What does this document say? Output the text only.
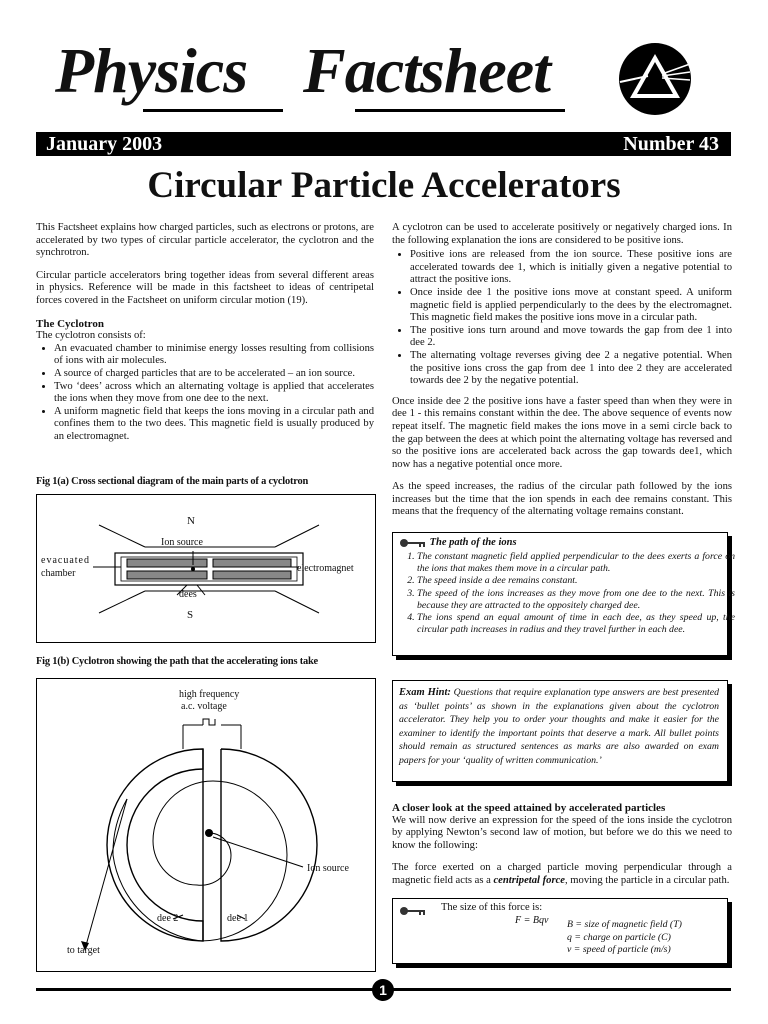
Physics Factsheet
January 2003	Number 43
Circular Particle Accelerators

This Factsheet explains how charged particles, such as electrons or protons, are accelerated by two types of circular particle accelerator, the cyclotron and the synchrotron.

Circular particle accelerators bring together ideas from several different areas in physics. Reference will be made in this factsheet to ideas of centripetal forces covered in the Factsheet on uniform circular motion (19).

The Cyclotron
The cyclotron consists of:
• An evacuated chamber to minimise energy losses resulting from collisions of ions with air molecules.
• A source of charged particles that are to be accelerated – an ion source.
• Two ‘dees’ across which an alternating voltage is applied that accelerates the ions when they move from one dee to the next.
• A uniform magnetic field that keeps the ions moving in a circular path and confines them to the two dees. This magnetic field is usually produced by an electromagnet.
Fig 1(a) Cross sectional diagram of the main parts of a cyclotron
N
Ion source
evacuated
chamber	electromagnet
dees
S
Fig 1(b) Cyclotron showing the path that the accelerating ions take
high frequency
a.c. voltage
Ion source
dee 2	dee 1
to target

A cyclotron can be used to accelerate positively or negatively charged ions. In the following explanation the ions are considered to be positive ions.

• Positive ions are released from the ion source. These positive ions are accelerated towards dee 1, which is initially given a negative potential to attract the positive ions.
• Once inside dee 1 the positive ions move at constant speed. A uniform magnetic field is applied perpendicularly to the dees by the electromagnet. This magnetic field makes the positive ions move in a circular path.
• The positive ions turn around and move towards the gap from dee 1 into dee 2.
• The alternating voltage reverses giving dee 2 a negative potential. When the positive ions cross the gap from dee 1 into dee 2 they are accelerated towards dee 2 by the negative potential.

Once inside dee 2 the positive ions have a faster speed than when they were in dee 1 - this remains constant within the dee. The above sequence of events now repeat itself. The magnetic field makes the ions move in a semi circle back to the gap between the dees at which point the alternating voltage has reversed and so the positive ions are accelerated back across the gap towards dee1, which now has a negative potential once more.

As the speed increases, the radius of the circular path followed by the ions increases but the time that the ion spends in each dee remains constant. This means that the frequency of the alternating voltage remains constant.

The path of the ions
1. The constant magnetic field applied perpendicular to the dees exerts a force on the ions that makes them move in a circular path.
2. The speed inside a dee remains constant.
3. The speed of the ions increases as they move from one dee to the next. This is because they are attracted to the oppositely charged dee.
4. The ions spend an equal amount of time in each dee, as they speed up, the circular path increases in radius and they travel further in each dee.
Exam Hint: Questions that require explanation type answers are best presented as ‘bullet points’ as shown in the explanations given about the cyclotron accelerator. They help you to order your thoughts and make it easier for the examiner to identify the important points that deserve a mark. All bullet points should remain as structured sentences as marks are also awarded on exam papers for your ‘quality of written communication.’
A closer look at the speed attained by accelerated particles

We will now derive an expression for the speed of the ions inside the cyclotron by applying Newton’s second law of motion, but before we do this we need to know the following:

The force exerted on a charged particle moving perpendicular through a magnetic field acts as a centripetal force, moving the particle in a circular path.

The size of this force is:
F = Bqv B = size of magnetic field (T)
q = charge on particle (C)
v = speed of particle (m/s)
1
